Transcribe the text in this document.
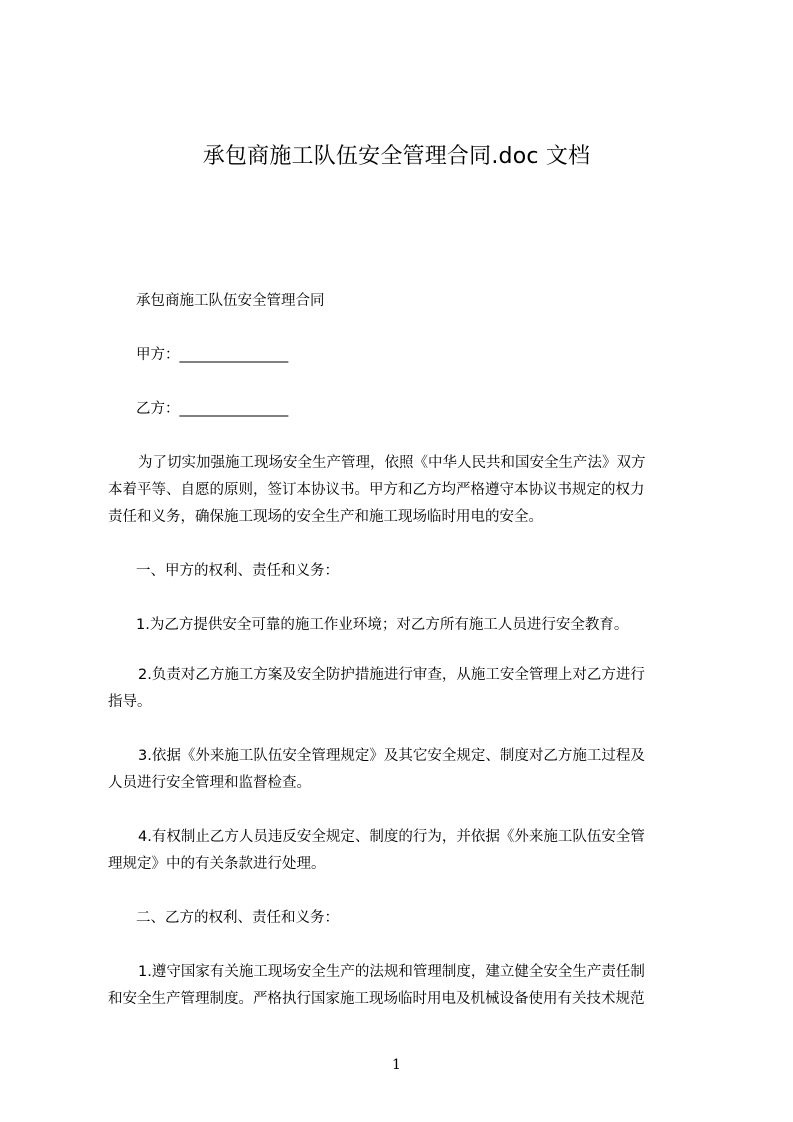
承包商施工队伍安全管理合同.doc 文档
承包商施工队伍安全管理合同
甲方：_______________
乙方：_______________
为了切实加强施工现场安全生产管理，依照《中华人民共和国安全生产法》双方
本着平等、自愿的原则，签订本协议书。甲方和乙方均严格遵守本协议书规定的权力
责任和义务，确保施工现场的安全生产和施工现场临时用电的安全。
一、甲方的权利、责任和义务：
1.为乙方提供安全可靠的施工作业环境；对乙方所有施工人员进行安全教育。
2.负责对乙方施工方案及安全防护措施进行审查，从施工安全管理上对乙方进行
指导。
3.依据《外来施工队伍安全管理规定》及其它安全规定、制度对乙方施工过程及
人员进行安全管理和监督检查。
4.有权制止乙方人员违反安全规定、制度的行为，并依据《外来施工队伍安全管
理规定》中的有关条款进行处理。
二、乙方的权利、责任和义务：
1.遵守国家有关施工现场安全生产的法规和管理制度，建立健全安全生产责任制
和安全生产管理制度。严格执行国家施工现场临时用电及机械设备使用有关技术规范
1
